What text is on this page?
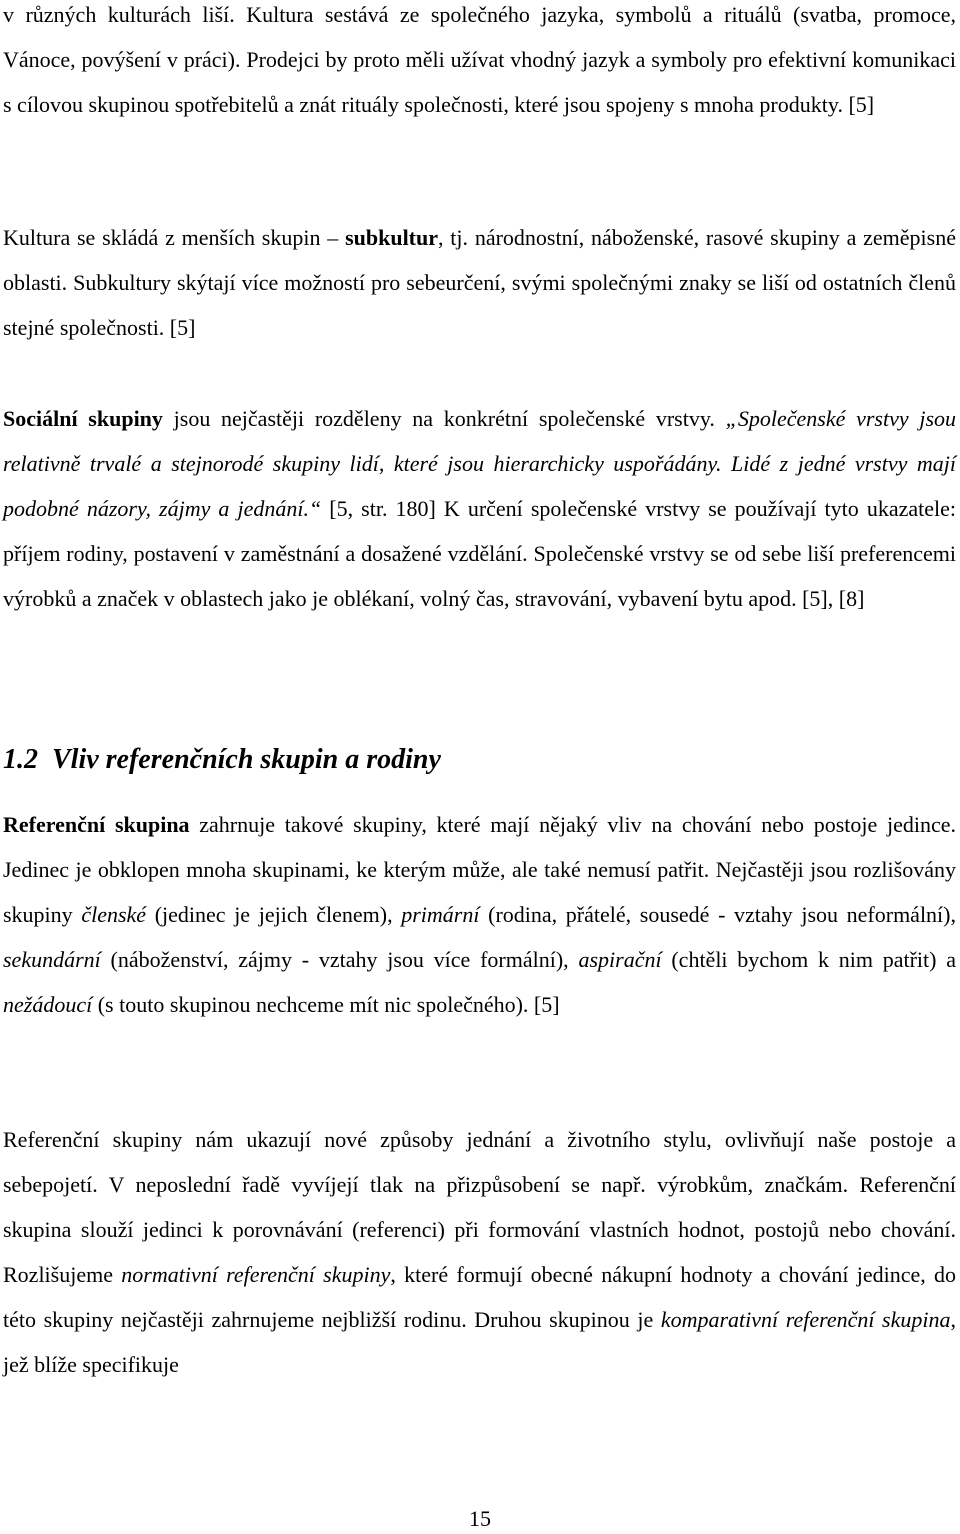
v různých kulturách liší. Kultura sestává ze společného jazyka, symbolů a rituálů (svatba, promoce, Vánoce, povýšení v práci). Prodejci by proto měli užívat vhodný jazyk a symboly pro efektivní komunikaci s cílovou skupinou spotřebitelů a znát rituály společnosti, které jsou spojeny s mnoha produkty. [5]

Kultura se skládá z menších skupin – subkultur, tj. národnostní, náboženské, rasové skupiny a zeměpisné oblasti. Subkultury skýtají více možností pro sebeurčení, svými společnými znaky se liší od ostatních členů stejné společnosti. [5]

Sociální skupiny jsou nejčastěji rozděleny na konkrétní společenské vrstvy. „Společenské vrstvy jsou relativně trvalé a stejnorodé skupiny lidí, které jsou hierarchicky uspořádány. Lidé z jedné vrstvy mají podobné názory, zájmy a jednání.“ [5, str. 180] K určení společenské vrstvy se používají tyto ukazatele: příjem rodiny, postavení v zaměstnání a dosažené vzdělání. Společenské vrstvy se od sebe liší preferencemi výrobků a značek v oblastech jako je oblékaní, volný čas, stravování, vybavení bytu apod. [5], [8]

1.2 Vliv referenčních skupin a rodiny

Referenční skupina zahrnuje takové skupiny, které mají nějaký vliv na chování nebo postoje jedince. Jedinec je obklopen mnoha skupinami, ke kterým může, ale také nemusí patřit. Nejčastěji jsou rozlišovány skupiny členské (jedinec je jejich členem), primární (rodina, přátelé, sousedé - vztahy jsou neformální), sekundární (náboženství, zájmy - vztahy jsou více formální), aspirační (chtěli bychom k nim patřit) a nežádoucí (s touto skupinou nechceme mít nic společného). [5]

Referenční skupiny nám ukazují nové způsoby jednání a životního stylu, ovlivňují naše postoje a sebepojetí. V neposlední řadě vyvíjejí tlak na přizpůsobení se např. výrobkům, značkám. Referenční skupina slouží jedinci k porovnávání (referenci) při formování vlastních hodnot, postojů nebo chování. Rozlišujeme normativní referenční skupiny, které formují obecné nákupní hodnoty a chování jedince, do této skupiny nejčastěji zahrnujeme nejbližší rodinu. Druhou skupinou je komparativní referenční skupina, jež blíže specifikuje

15
